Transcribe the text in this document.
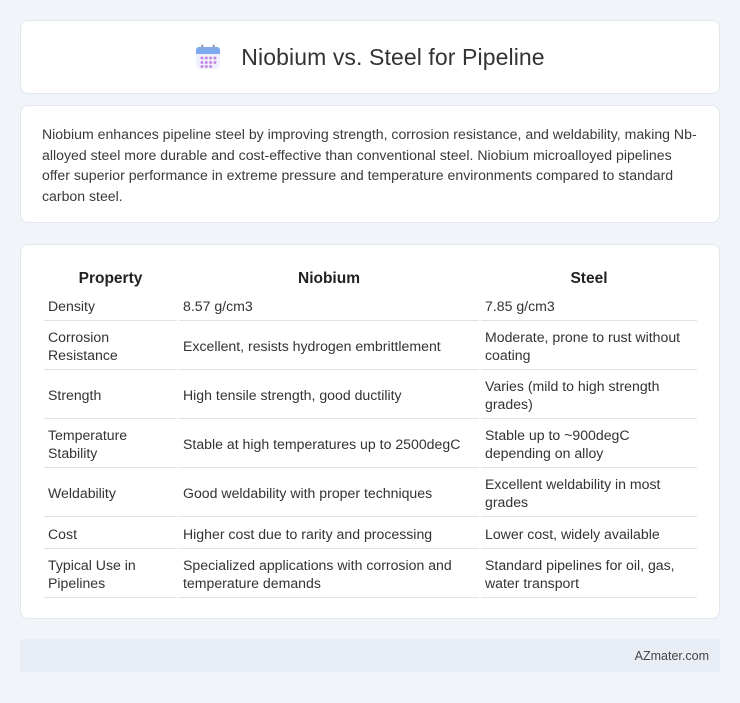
Niobium vs. Steel for Pipeline

Niobium enhances pipeline steel by improving strength, corrosion resistance, and weldability, making Nb-alloyed steel more durable and cost-effective than conventional steel. Niobium microalloyed pipelines offer superior performance in extreme pressure and temperature environments compared to standard carbon steel.

Property	Niobium	Steel
Density	8.57 g/cm3	7.85 g/cm3
Corrosion Resistance	Excellent, resists hydrogen embrittlement	Moderate, prone to rust without coating
Strength	High tensile strength, good ductility	Varies (mild to high strength grades)
Temperature Stability	Stable at high temperatures up to 2500degC	Stable up to ~900degC depending on alloy
Weldability	Good weldability with proper techniques	Excellent weldability in most grades
Cost	Higher cost due to rarity and processing	Lower cost, widely available
Typical Use in Pipelines	Specialized applications with corrosion and temperature demands	Standard pipelines for oil, gas, water transport
AZmater.com
